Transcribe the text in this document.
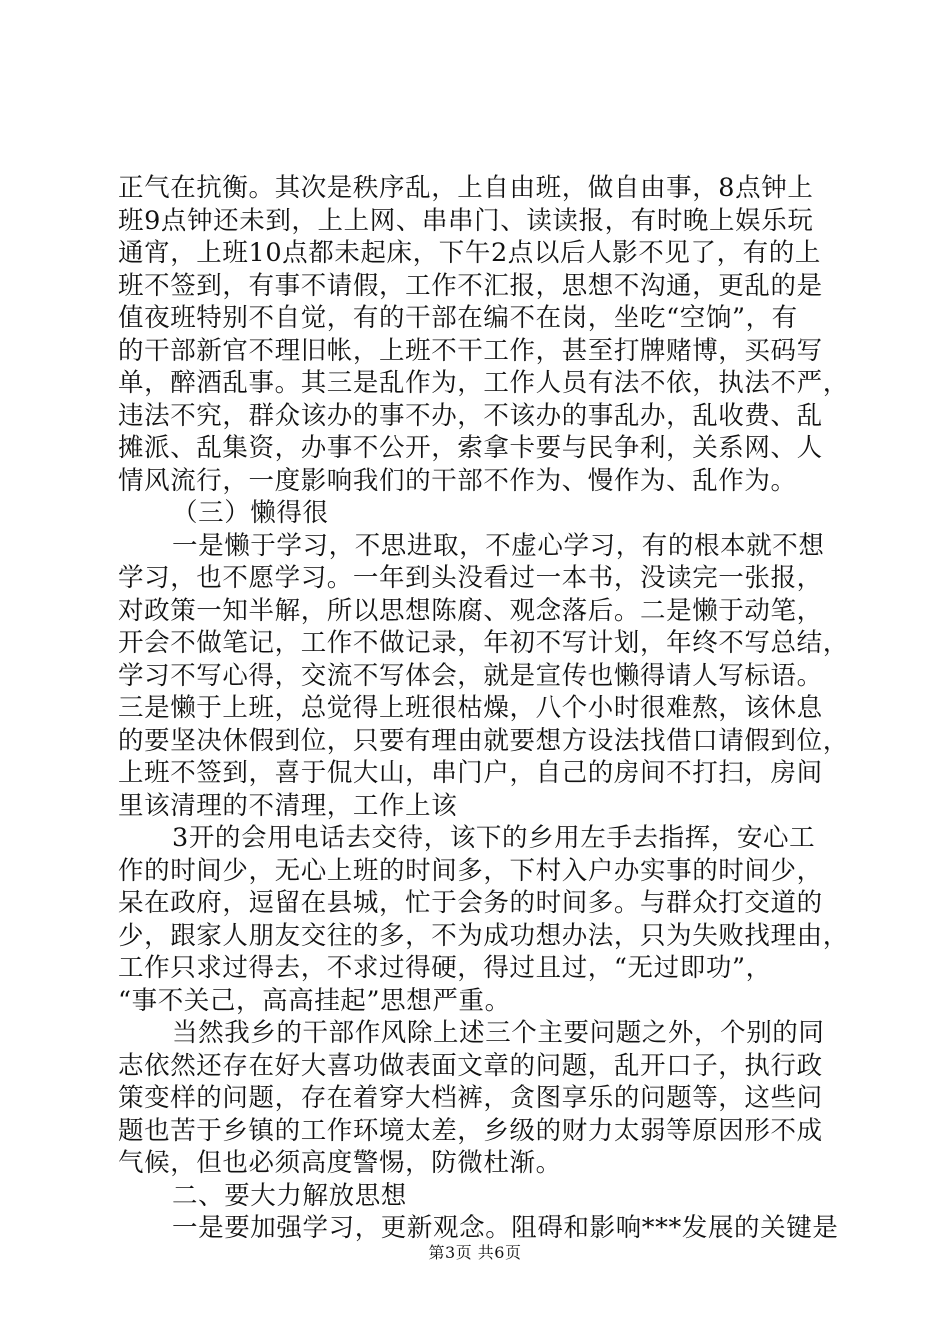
正气在抗衡。其次是秩序乱，上自由班，做自由事，8点钟上
班9点钟还未到，上上网、串串门、读读报，有时晚上娱乐玩
通宵，上班10点都未起床，下午2点以后人影不见了，有的上
班不签到，有事不请假，工作不汇报，思想不沟通，更乱的是
值夜班特别不自觉，有的干部在编不在岗，坐吃“空饷”，有
的干部新官不理旧帐，上班不干工作，甚至打牌赌博，买码写
单，醉酒乱事。其三是乱作为，工作人员有法不依，执法不严，
违法不究，群众该办的事不办，不该办的事乱办，乱收费、乱
摊派、乱集资，办事不公开，索拿卡要与民争利，关系网、人
情风流行，一度影响我们的干部不作为、慢作为、乱作为。
（三）懒得很
一是懒于学习，不思进取，不虚心学习，有的根本就不想
学习，也不愿学习。一年到头没看过一本书，没读完一张报，
对政策一知半解，所以思想陈腐、观念落后。二是懒于动笔，
开会不做笔记，工作不做记录，年初不写计划，年终不写总结，
学习不写心得，交流不写体会，就是宣传也懒得请人写标语。
三是懒于上班，总觉得上班很枯燥，八个小时很难熬，该休息
的要坚决休假到位，只要有理由就要想方设法找借口请假到位，
上班不签到，喜于侃大山，串门户，自己的房间不打扫，房间
里该清理的不清理，工作上该
3开的会用电话去交待，该下的乡用左手去指挥，安心工
作的时间少，无心上班的时间多，下村入户办实事的时间少，
呆在政府，逗留在县城，忙于会务的时间多。与群众打交道的
少，跟家人朋友交往的多，不为成功想办法，只为失败找理由，
工作只求过得去，不求过得硬，得过且过，“无过即功”，
“事不关己，高高挂起”思想严重。
当然我乡的干部作风除上述三个主要问题之外，个别的同
志依然还存在好大喜功做表面文章的问题，乱开口子，执行政
策变样的问题，存在着穿大档裤，贪图享乐的问题等，这些问
题也苦于乡镇的工作环境太差，乡级的财力太弱等原因形不成
气候，但也必须高度警惕，防微杜渐。
二、要大力解放思想
一是要加强学习，更新观念。阻碍和影响***发展的关键是
第3页 共6页
